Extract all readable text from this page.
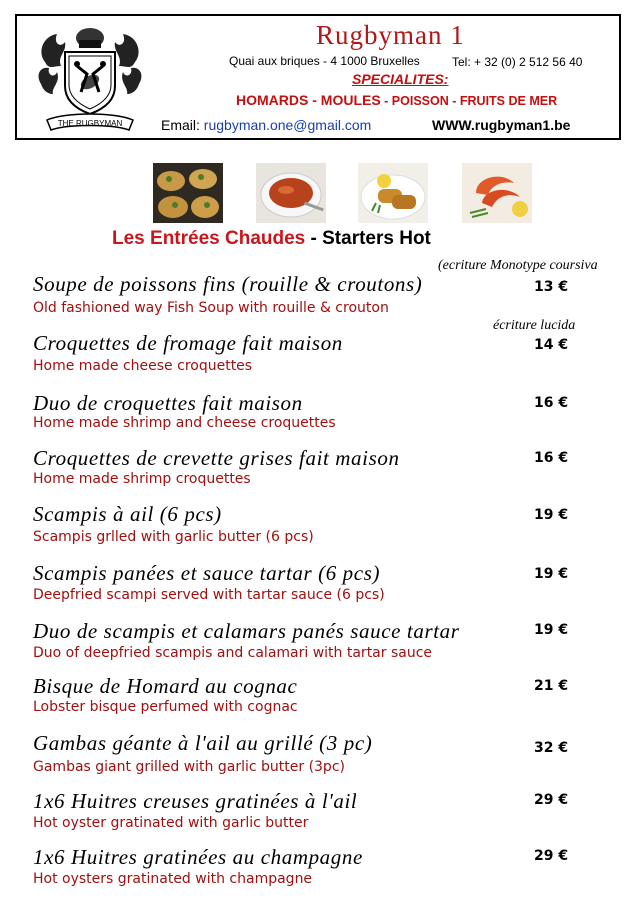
THE RUGBYMAN
Rugbyman 1
Quai aux briques - 4 1000 Bruxelles	Tel: + 32 (0) 2 512 56 40
SPECIALITES:
HOMARDS - MOULES - POISSON - FRUITS DE MER
Email: rugbyman.one@gmail.com	WWW.rugbyman1.be
Les Entrées Chaudes - Starters Hot
(ecriture Monotype coursiva
écriture lucida
Soupe de poissons fins (rouille & croutons)
Old fashioned way Fish Soup with rouille & crouton
13 €
Croquettes de fromage fait maison
Home made cheese croquettes
14 €
Duo de croquettes fait maison
Home made shrimp and cheese croquettes
16 €
Croquettes de crevette grises fait maison
Home made shrimp croquettes
16 €
Scampis à ail (6 pcs)
Scampis grlled with garlic butter (6 pcs)
19 €
Scampis panées et sauce tartar (6 pcs)
Deepfried scampi served with tartar sauce (6 pcs)
19 €
Duo de scampis et calamars panés sauce tartar
Duo of deepfried scampis and calamari with tartar sauce
19 €
Bisque de Homard au cognac
Lobster bisque perfumed with cognac
21 €
Gambas géante à l'ail au grillé (3 pc)
Gambas giant grilled with garlic butter (3pc)
32 €
1x6 Huitres creuses gratinées à l'ail
Hot oyster gratinated with garlic butter
29 €
1x6 Huitres gratinées au champagne
Hot oysters gratinated with champagne
29 €
